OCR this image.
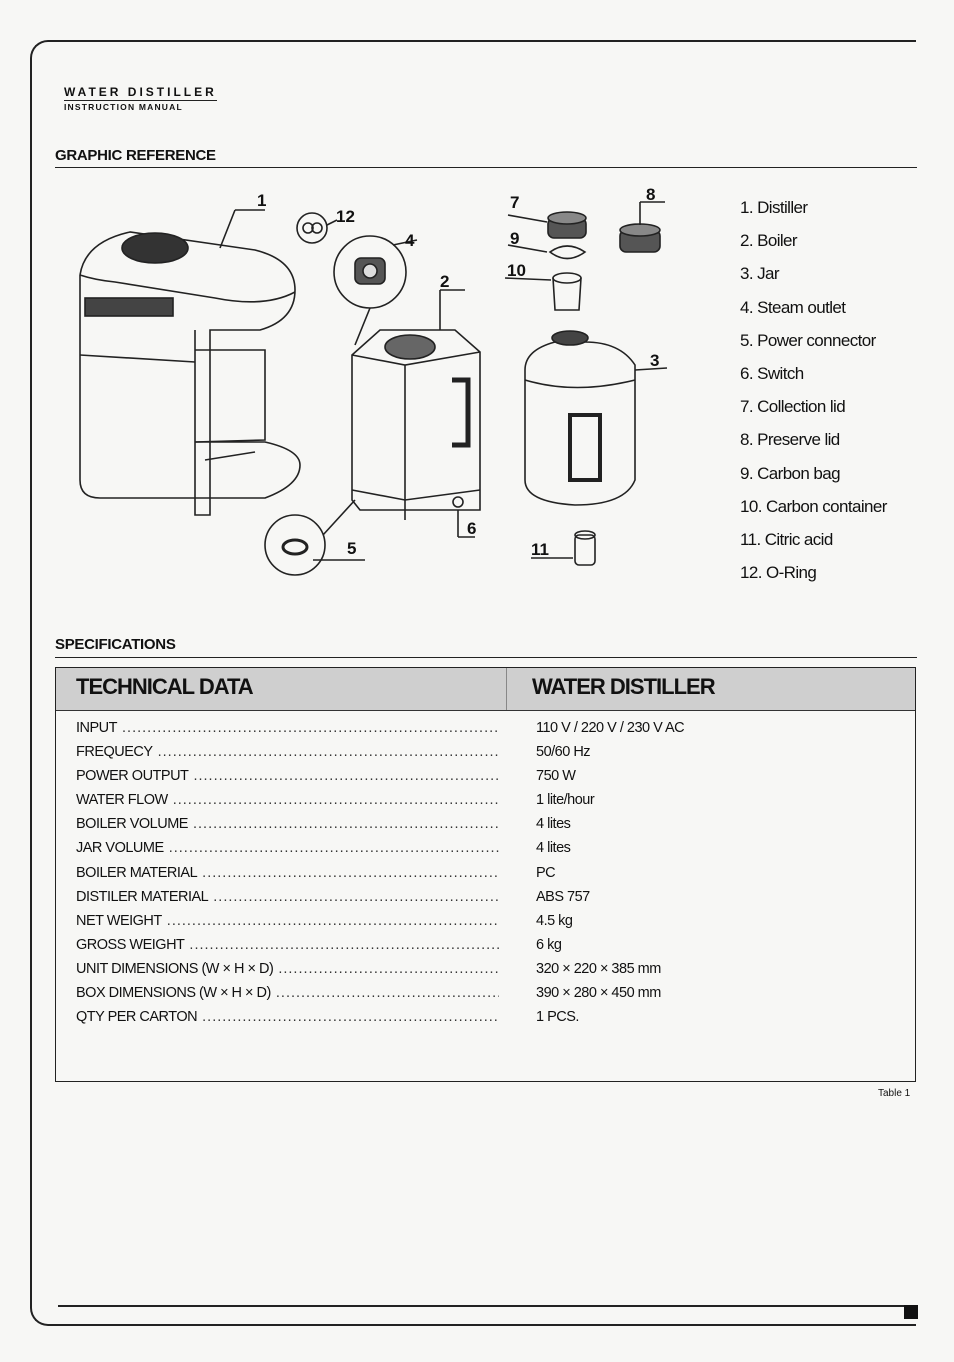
WATER DISTILLER
INSTRUCTION MANUAL
GRAPHIC REFERENCE
1
2
3
4
5
6
7	8
9
10
11
12	1. Distiller
2. Boiler
3. Jar
4. Steam outlet
5. Power connector
6. Switch
7. Collection lid
8. Preserve lid
9. Carbon bag
10. Carbon container
11. Citric acid
12. O-Ring
SPECIFICATIONS
TECHNICAL DATA	WATER DISTILLER
INPUT .....	110 V / 220 V / 230 V AC
FREQUECY .....	50/60 Hz
POWER OUTPUT .....	750 W
WATER FLOW .....	1 lite/hour
BOILER VOLUME .....	4 lites
JAR VOLUME .....	4 lites
BOILER MATERIAL .....	PC
DISTILER MATERIAL .....	ABS 757
NET WEIGHT .....	4.5 kg
GROSS WEIGHT .....	6 kg
UNIT DIMENSIONS (W × H × D) .....	320 × 220 × 385 mm
BOX DIMENSIONS (W × H × D) .....	390 × 280 × 450 mm
QTY PER CARTON .....	1 PCS.
Table 1
